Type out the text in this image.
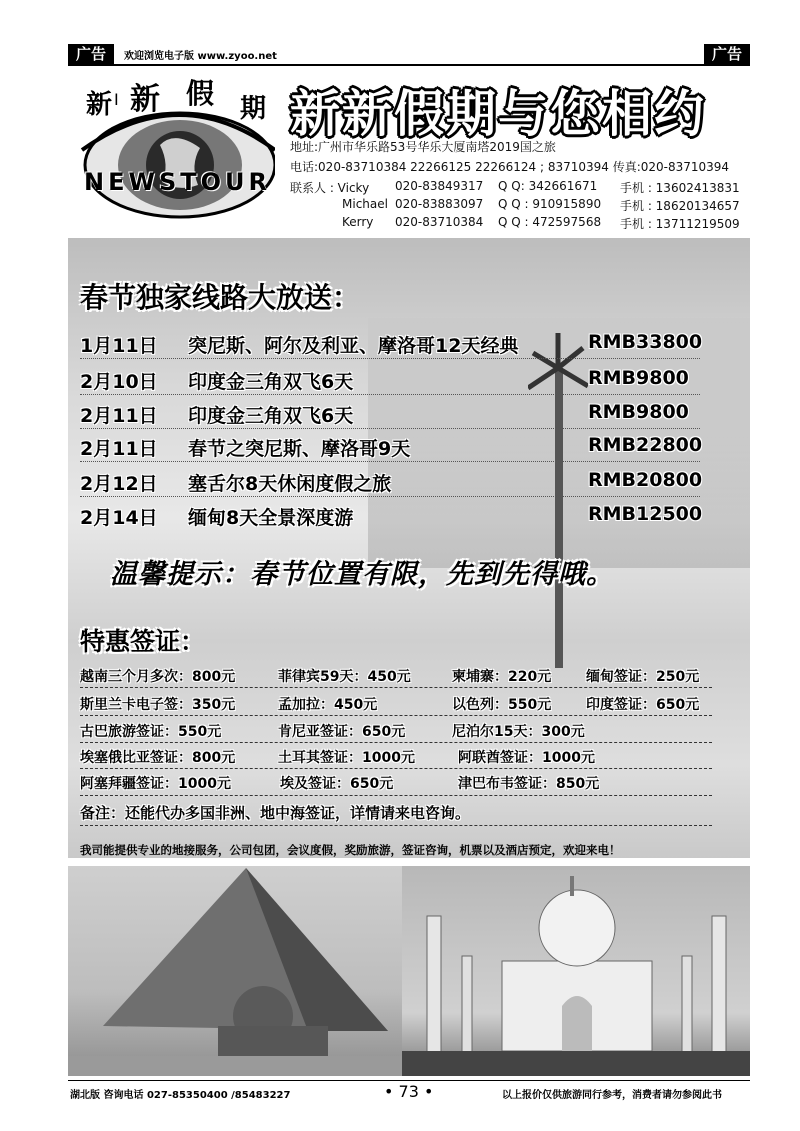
广告	欢迎浏览电子版 www.zyoo.net	广告
新 I 新 假 期
NEWSTOUR
新新假期与您相约
地址:广州市华乐路53号华乐大厦南塔2019国之旅
电话:020-83710384 22266125 22266124 ; 83710394 传真:020-83710394
联系人 : Vicky 020-83849317 Q Q: 342661671 手机 : 13602413831
Michael 020-83883097 Q Q : 910915890 手机 : 18620134657
Kerry 020-83710384 Q Q : 472597568 手机 : 13711219509
春节独家线路大放送：
1月11日 突尼斯、阿尔及利亚、摩洛哥12天经典	RMB33800
2月10日 印度金三角双飞6天	RMB9800
2月11日 印度金三角双飞6天	RMB9800
2月11日 春节之突尼斯、摩洛哥9天	RMB22800
2月12日 塞舌尔8天休闲度假之旅	RMB20800
2月14日 缅甸8天全景深度游	RMB12500
温馨提示：春节位置有限，先到先得哦。
特惠签证：
越南三个月多次：800元	菲律宾59天：450元	柬埔寨：220元 缅甸签证：250元
斯里兰卡电子签：350元	孟加拉：450元	以色列：550元 印度签证：650元
古巴旅游签证：550元	肯尼亚签证：650元	尼泊尔15天：300元
埃塞俄比亚签证：800元	土耳其签证：1000元	阿联酋签证：1000元
阿塞拜疆签证：1000元	埃及签证：650元	津巴布韦签证：850元
备注：还能代办多国非洲、地中海签证，详情请来电咨询。
我司能提供专业的地接服务，公司包团，会议度假，奖励旅游，签证咨询，机票以及酒店预定，欢迎来电！
湖北版 咨询电话 027-85350400 /85483227	• 73 •	以上报价仅供旅游同行参考，消费者请勿参阅此书
